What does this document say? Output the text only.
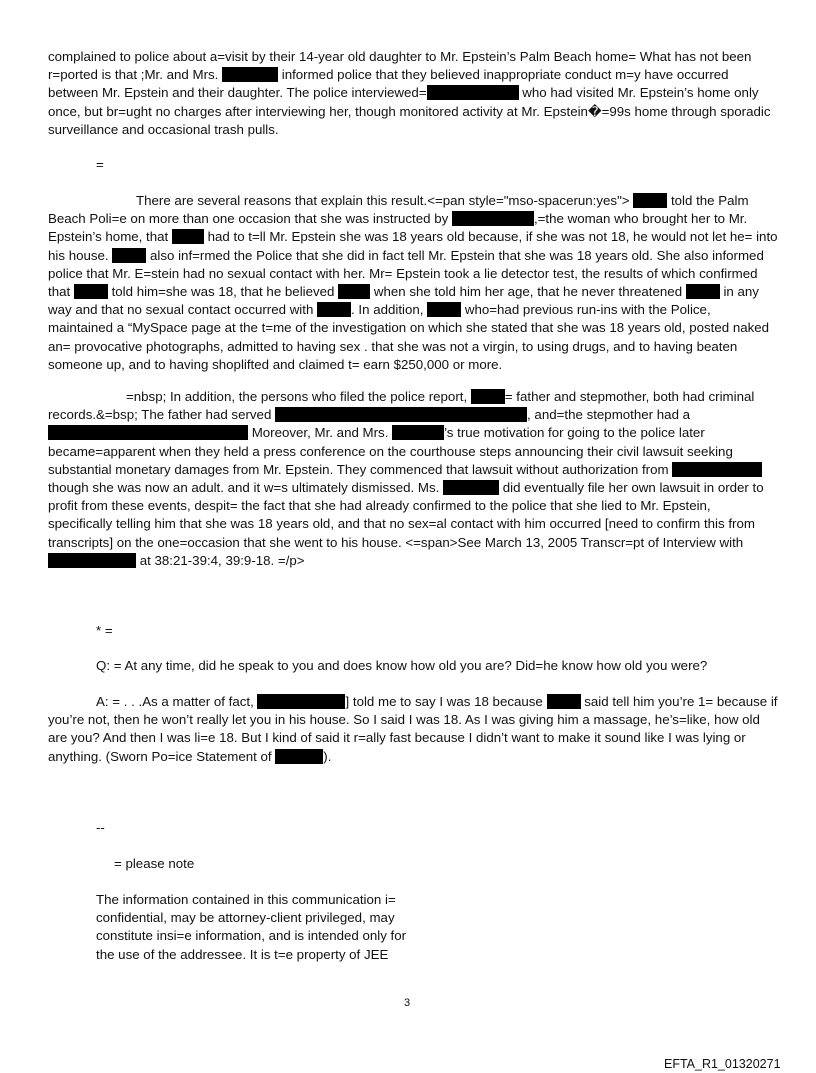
complained to police about a=visit by their 14-year old daughter to Mr. Epstein’s Palm Beach home= What has not been r=ported is that ;Mr. and Mrs.	informed police that they believed inappropriate conduct m=y have occurred between Mr. Epstein and their daughter. The police interviewed=	who had visited Mr. Epstein’s home only once, but br=ught no charges after interviewing her, though monitored activity at Mr. Epstein�=99s home through sporadic surveillance and occasional trash pulls.

=

There are several reasons that explain this result.<=pan style="mso-spacerun:yes">	told the Palm Beach Poli=e on more than one occasion that she was instructed by	,=the woman who brought her to Mr. Epstein’s home, that  had to t=ll Mr. Epstein she was 18 years old because, if she was not 18, he would not let he= into his house.	also inf=rmed the Police that she did in fact tell Mr. Epstein that she was 18 years old. She also informed police that Mr. E=stein had no sexual contact with her. Mr= Epstein took a lie detector test, the results of which confirmed that	told him=she was 18, that he believed  when she told him her age, that he never threatened	in any way and that no sexual contact occurred with	. In addition,	who=had previous run-ins with the Police, maintained a “MySpace page at the t=me of the investigation on which she stated that she was 18 years old, posted naked an= provocative photographs, admitted to having sex . that she was not a virgin, to using drugs, and to having beaten someone up, and to having shoplifted and claimed t= earn $250,000 or more.

=nbsp; In addition, the persons who filed the police report,	= father and stepmother, both had criminal records.&=bsp; The father had served	, and=the stepmother had a  Moreover, Mr. and Mrs.	’s true motivation for going to the police later became=apparent when they held a press conference on the courthouse steps announcing their civil lawsuit seeking substantial monetary damages from Mr. Epstein. They commenced that lawsuit without authorization from  though she was now an adult. and it w=s ultimately dismissed. Ms.	did eventually file her own lawsuit in order to profit from these events, despit= the fact that she had already confirmed to the police that she lied to Mr. Epstein, specifically telling him that she was 18 years old, and that no sex=al contact with him occurred [need to confirm this from transcripts] on the one=occasion that she went to his house. <=span>See March 13, 2005 Transcr=pt of Interview with  at 38:21-39:4, 39:9-18. =/p>

* =

Q: = At any time, did he speak to you and does know how old you are? Did=he know how old you were?

A: = . . .As a matter of fact,	] told me to say I was 18 because	said tell him you’re 1= because if you’re not, then he won’t really let you in his house. So I said I was 18. As I was giving him a massage, he’s=like, how old are you? And then I was li=e 18. But I kind of said it r=ally fast because I didn’t want to make it sound like I was lying or anything. (Sworn Po=ice Statement of	).

--

= please note

The information contained in this communication i= confidential, may be attorney-client privileged, may constitute insi=e information, and is intended only for the use of the addressee. It is t=e property of JEE

3

EFTA_R1_01320271
